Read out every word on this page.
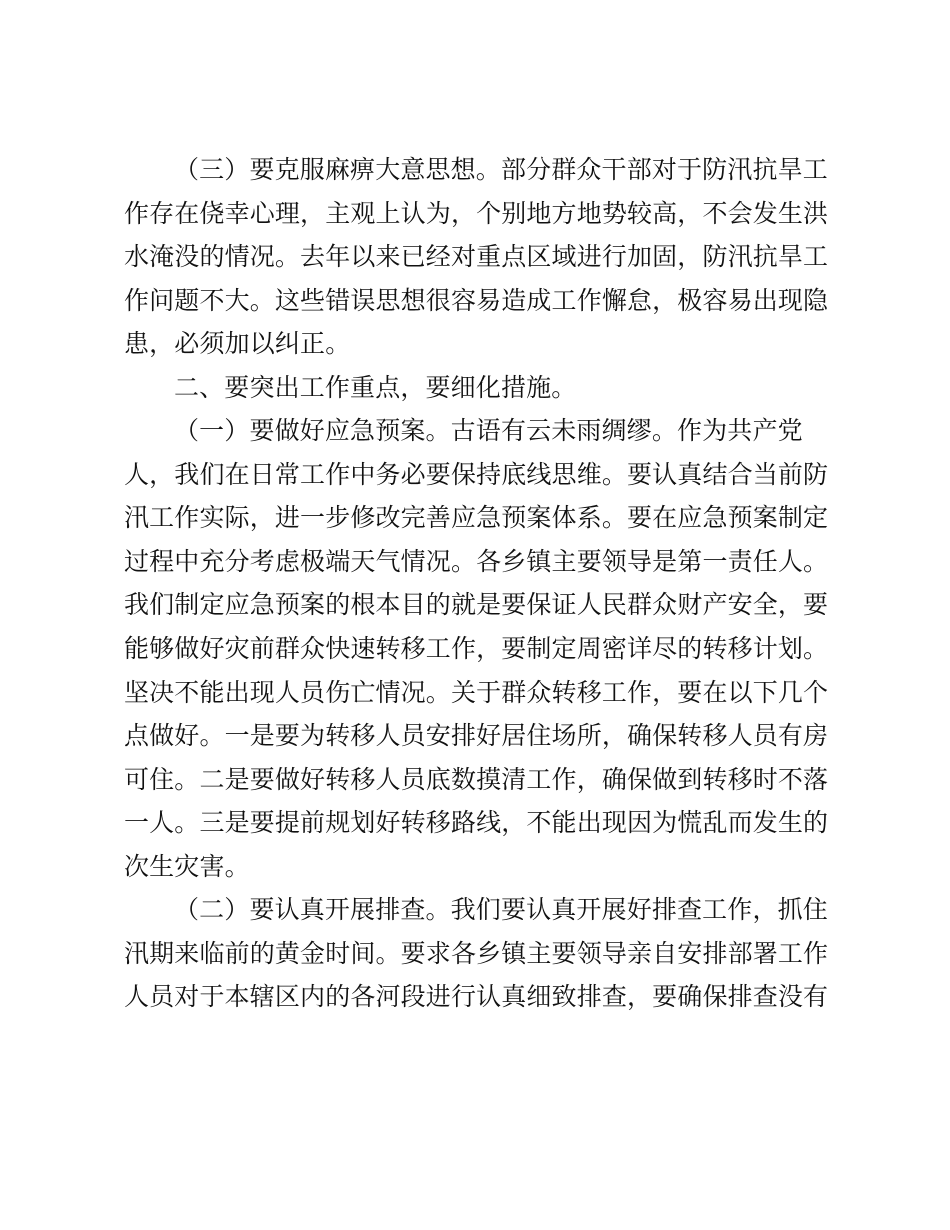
（三）要克服麻痹大意思想。部分群众干部对于防汛抗旱工
作存在侥幸心理，主观上认为，个别地方地势较高，不会发生洪
水淹没的情况。去年以来已经对重点区域进行加固，防汛抗旱工
作问题不大。这些错误思想很容易造成工作懈怠，极容易出现隐
患，必须加以纠正。
二、要突出工作重点，要细化措施。
（一）要做好应急预案。古语有云未雨绸缪。作为共产党
人，我们在日常工作中务必要保持底线思维。要认真结合当前防
汛工作实际，进一步修改完善应急预案体系。要在应急预案制定
过程中充分考虑极端天气情况。各乡镇主要领导是第一责任人。
我们制定应急预案的根本目的就是要保证人民群众财产安全，要
能够做好灾前群众快速转移工作，要制定周密详尽的转移计划。
坚决不能出现人员伤亡情况。关于群众转移工作，要在以下几个
点做好。一是要为转移人员安排好居住场所，确保转移人员有房
可住。二是要做好转移人员底数摸清工作，确保做到转移时不落
一人。三是要提前规划好转移路线，不能出现因为慌乱而发生的
次生灾害。
（二）要认真开展排查。我们要认真开展好排查工作，抓住
汛期来临前的黄金时间。要求各乡镇主要领导亲自安排部署工作
人员对于本辖区内的各河段进行认真细致排查，要确保排查没有
